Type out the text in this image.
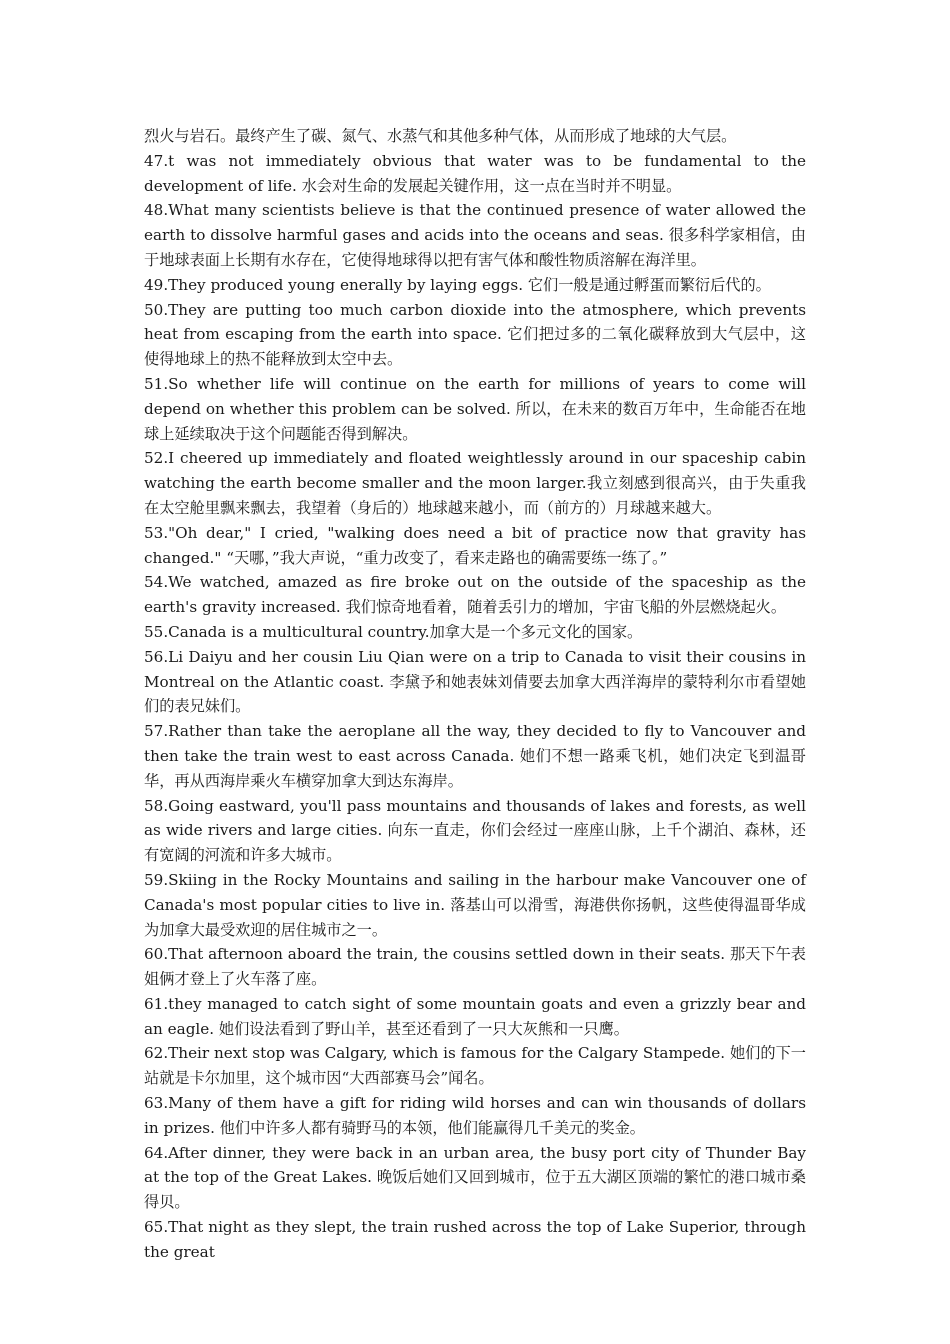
烈火与岩石。最终产生了碳、氮气、水蒸气和其他多种气体，从而形成了地球的大气层。

47.t was not immediately obvious that water was to be fundamental to the development of life. 水会对生命的发展起关键作用，这一点在当时并不明显。

48.What many scientists believe is that the continued presence of water allowed the earth to dissolve harmful gases and acids into the oceans and seas. 很多科学家相信，由于地球表面上长期有水存在，它使得地球得以把有害气体和酸性物质溶解在海洋里。

49.They produced young enerally by laying eggs. 它们一般是通过孵蛋而繁衍后代的。

50.They are putting too much carbon dioxide into the atmosphere, which prevents heat from escaping from the earth into space. 它们把过多的二氧化碳释放到大气层中，这使得地球上的热不能释放到太空中去。

51.So whether life will continue on the earth for millions of years to come will depend on whether this problem can be solved. 所以，在未来的数百万年中，生命能否在地球上延续取决于这个问题能否得到解决。

52.I cheered up immediately and floated weightlessly around in our spaceship cabin watching the earth become smaller and the moon larger.我立刻感到很高兴，由于失重我在太空舱里飘来飘去，我望着（身后的）地球越来越小，而（前方的）月球越来越大。

53."Oh dear," I cried, "walking does need a bit of practice now that gravity has changed." “天哪，”我大声说，“重力改变了，看来走路也的确需要练一练了。”

54.We watched, amazed as fire broke out on the outside of the spaceship as the earth's gravity increased. 我们惊奇地看着，随着丢引力的增加，宇宙飞船的外层燃烧起火。

55.Canada is a multicultural country.加拿大是一个多元文化的国家。

56.Li Daiyu and her cousin Liu Qian were on a trip to Canada to visit their cousins in Montreal on the Atlantic coast. 李黛予和她表妹刘倩要去加拿大西洋海岸的蒙特利尔市看望她们的表兄妹们。

57.Rather than take the aeroplane all the way, they decided to fly to Vancouver and then take the train west to east across Canada. 她们不想一路乘飞机，她们决定飞到温哥华，再从西海岸乘火车横穿加拿大到达东海岸。

58.Going eastward, you'll pass mountains and thousands of lakes and forests, as well as wide rivers and large cities. 向东一直走，你们会经过一座座山脉，上千个湖泊、森林，还有宽阔的河流和许多大城市。

59.Skiing in the Rocky Mountains and sailing in the harbour make Vancouver one of Canada's most popular cities to live in. 落基山可以滑雪，海港供你扬帆，这些使得温哥华成为加拿大最受欢迎的居住城市之一。

60.That afternoon aboard the train, the cousins settled down in their seats. 那天下午表姐俩才登上了火车落了座。

61.they managed to catch sight of some mountain goats and even a grizzly bear and an eagle. 她们设法看到了野山羊，甚至还看到了一只大灰熊和一只鹰。

62.Their next stop was Calgary, which is famous for the Calgary Stampede. 她们的下一站就是卡尔加里，这个城市因“大西部赛马会”闻名。

63.Many of them have a gift for riding wild horses and can win thousands of dollars in prizes. 他们中许多人都有骑野马的本领，他们能赢得几千美元的奖金。

64.After dinner, they were back in an urban area, the busy port city of Thunder Bay at the top of the Great Lakes. 晚饭后她们又回到城市，位于五大湖区顶端的繁忙的港口城市桑得贝。

65.That night as they slept, the train rushed across the top of Lake Superior, through the great
